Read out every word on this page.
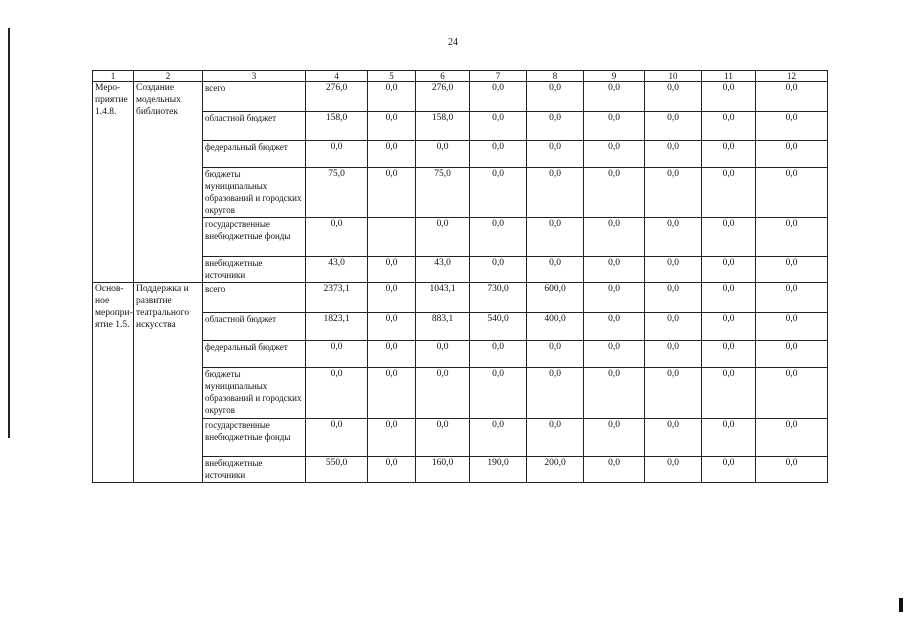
24
1	2	3	4	5	6	7	8	9	10	11	12
Меро-приятие 1.4.8.	Создание модельных библиотек	всего	276,0	0,0	276,0	0,0	0,0	0,0	0,0	0,0	0,0
		областной бюджет	158,0	0,0	158,0	0,0	0,0	0,0	0,0	0,0	0,0
		федеральный бюджет	0,0	0,0	0,0	0,0	0,0	0,0	0,0	0,0	0,0
		бюджеты муниципальных образований и городских округов	75,0	0,0	75,0	0,0	0,0	0,0	0,0	0,0	0,0
		государственные внебюджетные фонды	0,0		0,0	0,0	0,0	0,0	0,0	0,0	0,0
		внебюджетные источники	43,0	0,0	43,0	0,0	0,0	0,0	0,0	0,0	0,0
Основ-ное меропри-ятие 1.5.	Поддержка и развитие театрального искусства	всего	2373,1	0,0	1043,1	730,0	600,0	0,0	0,0	0,0	0,0
		областной бюджет	1823,1	0,0	883,1	540,0	400,0	0,0	0,0	0,0	0,0
		федеральный бюджет	0,0	0,0	0,0	0,0	0,0	0,0	0,0	0,0	0,0
		бюджеты муниципальных образований и городских округов	0,0	0,0	0,0	0,0	0,0	0,0	0,0	0,0	0,0
		государственные внебюджетные фонды	0,0	0,0	0,0	0,0	0,0	0,0	0,0	0,0	0,0
		внебюджетные источники	550,0	0,0	160,0	190,0	200,0	0,0	0,0	0,0	0,0
